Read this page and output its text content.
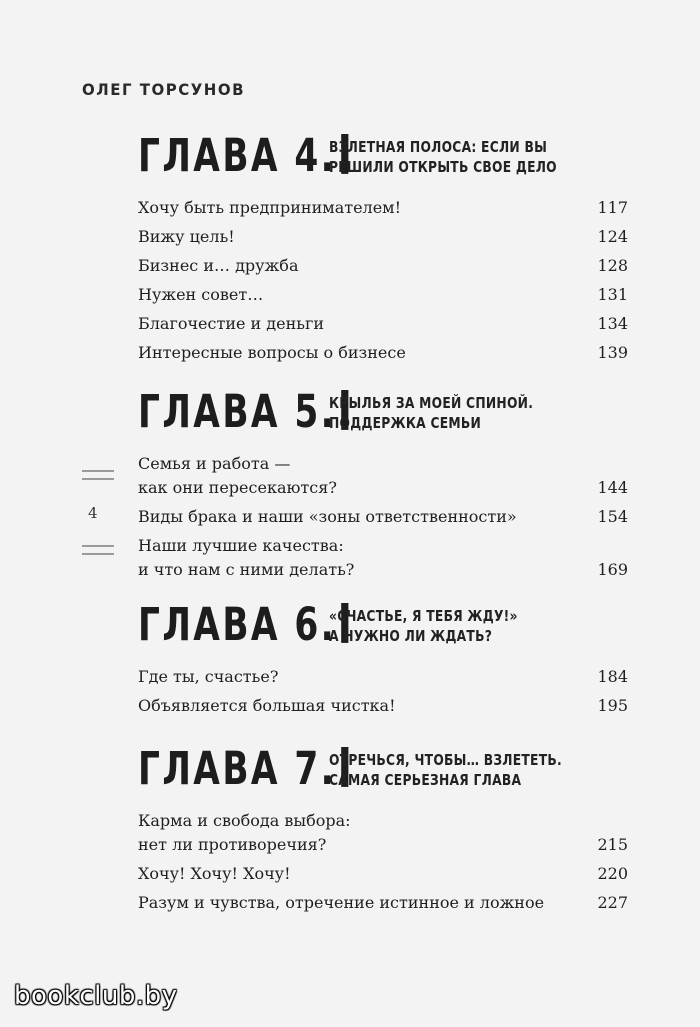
ОЛЕГ ТОРСУНОВ
ГЛАВА 4.
ВЗЛЕТНАЯ ПОЛОСА: ЕСЛИ ВЫ
РЕШИЛИ ОТКРЫТЬ СВОЕ ДЕЛО
Хочу быть предпринимателем!	117
Вижу цель!	124
Бизнес и… дружба	128
Нужен совет…	131
Благочестие и деньги	134
Интересные вопросы о бизнесе	139
ГЛАВА 5.
КРЫЛЬЯ ЗА МОЕЙ СПИНОЙ.
ПОДДЕРЖКА СЕМЬИ
Семья и работа —
как они пересекаются?	144
Виды брака и наши «зоны ответственности»	154
Наши лучшие качества:
и что нам с ними делать?	169
ГЛАВА 6.
«СЧАСТЬЕ, Я ТЕБЯ ЖДУ!»
А НУЖНО ЛИ ЖДАТЬ?
Где ты, счастье?	184
Объявляется большая чистка!	195
ГЛАВА 7.
ОТРЕЧЬСЯ, ЧТОБЫ… ВЗЛЕТЕТЬ.
САМАЯ СЕРЬЕЗНАЯ ГЛАВА
Карма и свобода выбора:
нет ли противоречия?	215
Хочу! Хочу! Хочу!	220
Разум и чувства, отречение истинное и ложное	227
4
bookclub.by
